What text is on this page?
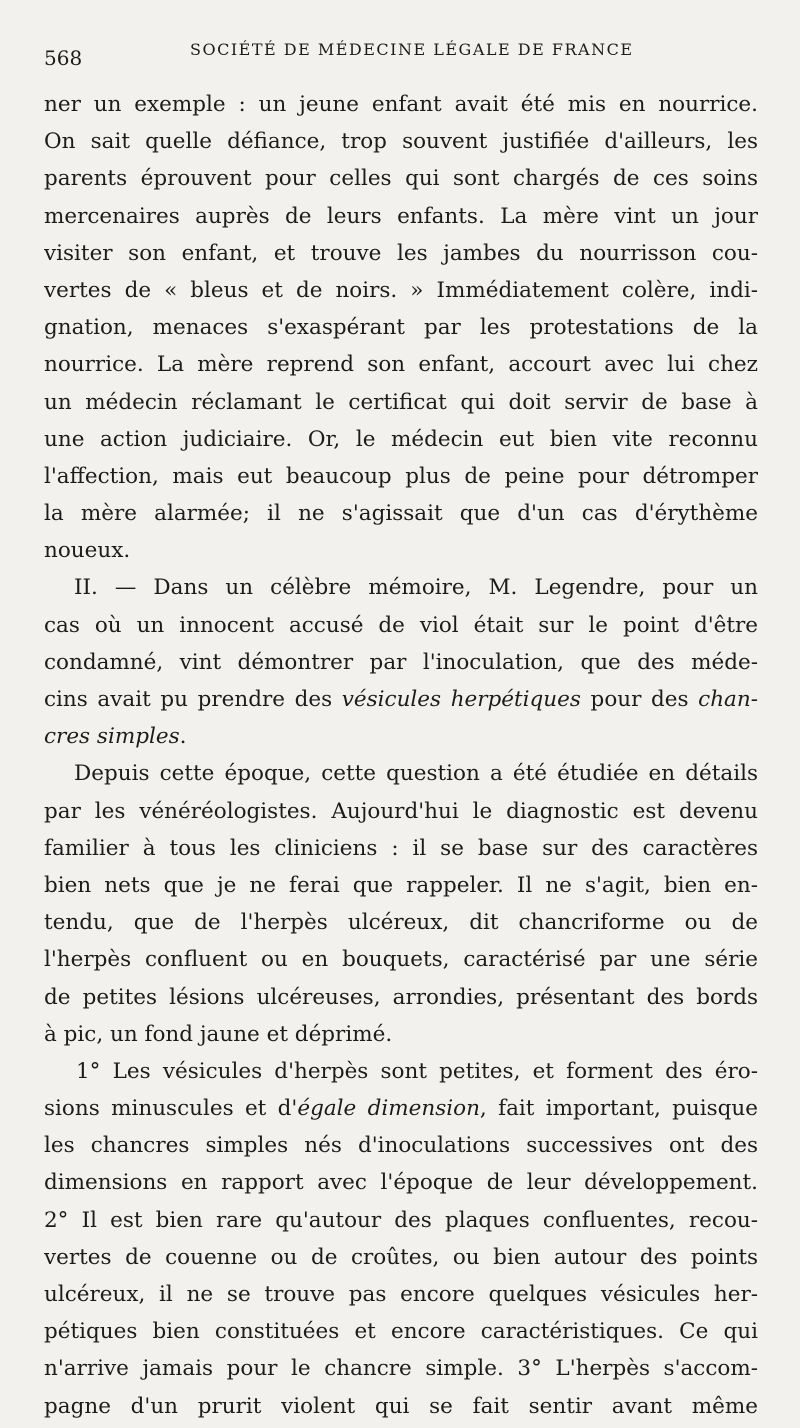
568	SOCIÉTÉ DE MÉDECINE LÉGALE DE FRANCE
ner un exemple : un jeune enfant avait été mis en nourrice.
On sait quelle défiance, trop souvent justifiée d'ailleurs, les
parents éprouvent pour celles qui sont chargés de ces soins
mercenaires auprès de leurs enfants. La mère vint un jour
visiter son enfant, et trouve les jambes du nourrisson cou-
vertes de « bleus et de noirs. » Immédiatement colère, indi-
gnation, menaces s'exaspérant par les protestations de la
nourrice. La mère reprend son enfant, accourt avec lui chez
un médecin réclamant le certificat qui doit servir de base à
une action judiciaire. Or, le médecin eut bien vite reconnu
l'affection, mais eut beaucoup plus de peine pour détromper
la mère alarmée; il ne s'agissait que d'un cas d'érythème
noueux.
II. — Dans un célèbre mémoire, M. Legendre, pour un
cas où un innocent accusé de viol était sur le point d'être
condamné, vint démontrer par l'inoculation, que des méde-
cins avait pu prendre des vésicules herpétiques pour des chan-
cres simples.
Depuis cette époque, cette question a été étudiée en détails
par les vénéréologistes. Aujourd'hui le diagnostic est devenu
familier à tous les cliniciens : il se base sur des caractères
bien nets que je ne ferai que rappeler. Il ne s'agit, bien en-
tendu, que de l'herpès ulcéreux, dit chancriforme ou de
l'herpès confluent ou en bouquets, caractérisé par une série
de petites lésions ulcéreuses, arrondies, présentant des bords
à pic, un fond jaune et déprimé.
1° Les vésicules d'herpès sont petites, et forment des éro-
sions minuscules et d'égale dimension, fait important, puisque
les chancres simples nés d'inoculations successives ont des
dimensions en rapport avec l'époque de leur développement.
2° Il est bien rare qu'autour des plaques confluentes, recou-
vertes de couenne ou de croûtes, ou bien autour des points
ulcéreux, il ne se trouve pas encore quelques vésicules her-
pétiques bien constituées et encore caractéristiques. Ce qui
n'arrive jamais pour le chancre simple. 3° L'herpès s'accom-
pagne d'un prurit violent qui se fait sentir avant même
